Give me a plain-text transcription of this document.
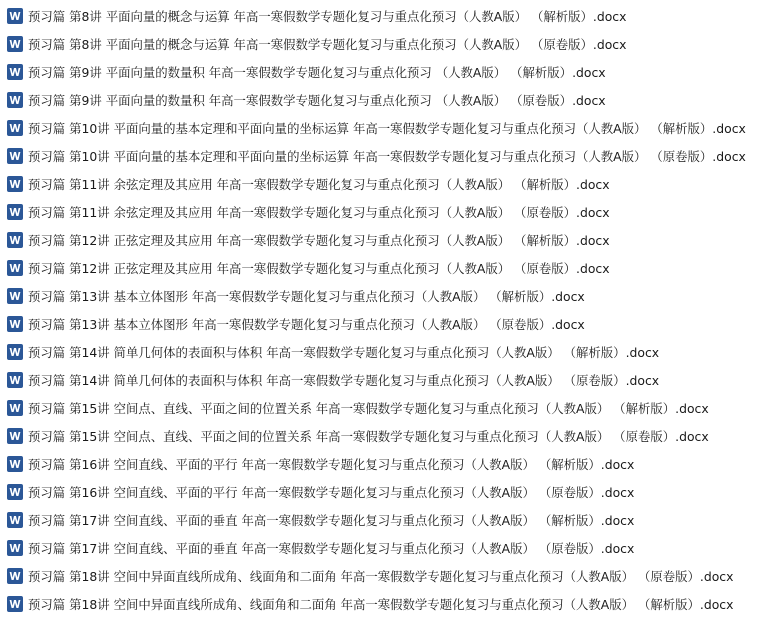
预习篇 第8讲 平面向量的概念与运算 年高一寒假数学专题化复习与重点化预习（人教A版） （解析版）.docx
预习篇 第8讲 平面向量的概念与运算 年高一寒假数学专题化复习与重点化预习（人教A版） （原卷版）.docx
预习篇 第9讲 平面向量的数量积 年高一寒假数学专题化复习与重点化预习 （人教A版） （解析版）.docx
预习篇 第9讲 平面向量的数量积 年高一寒假数学专题化复习与重点化预习 （人教A版） （原卷版）.docx
预习篇 第10讲 平面向量的基本定理和平面向量的坐标运算 年高一寒假数学专题化复习与重点化预习（人教A版） （解析版）.docx
预习篇 第10讲 平面向量的基本定理和平面向量的坐标运算 年高一寒假数学专题化复习与重点化预习（人教A版） （原卷版）.docx
预习篇 第11讲 余弦定理及其应用 年高一寒假数学专题化复习与重点化预习（人教A版） （解析版）.docx
预习篇 第11讲 余弦定理及其应用 年高一寒假数学专题化复习与重点化预习（人教A版） （原卷版）.docx
预习篇 第12讲 正弦定理及其应用 年高一寒假数学专题化复习与重点化预习（人教A版） （解析版）.docx
预习篇 第12讲 正弦定理及其应用 年高一寒假数学专题化复习与重点化预习（人教A版） （原卷版）.docx
预习篇 第13讲 基本立体图形 年高一寒假数学专题化复习与重点化预习（人教A版） （解析版）.docx
预习篇 第13讲 基本立体图形 年高一寒假数学专题化复习与重点化预习（人教A版） （原卷版）.docx
预习篇 第14讲 简单几何体的表面积与体积 年高一寒假数学专题化复习与重点化预习（人教A版） （解析版）.docx
预习篇 第14讲 简单几何体的表面积与体积 年高一寒假数学专题化复习与重点化预习（人教A版） （原卷版）.docx
预习篇 第15讲 空间点、直线、平面之间的位置关系 年高一寒假数学专题化复习与重点化预习（人教A版） （解析版）.docx
预习篇 第15讲 空间点、直线、平面之间的位置关系 年高一寒假数学专题化复习与重点化预习（人教A版） （原卷版）.docx
预习篇 第16讲 空间直线、平面的平行 年高一寒假数学专题化复习与重点化预习（人教A版） （解析版）.docx
预习篇 第16讲 空间直线、平面的平行 年高一寒假数学专题化复习与重点化预习（人教A版） （原卷版）.docx
预习篇 第17讲 空间直线、平面的垂直 年高一寒假数学专题化复习与重点化预习（人教A版） （解析版）.docx
预习篇 第17讲 空间直线、平面的垂直 年高一寒假数学专题化复习与重点化预习（人教A版） （原卷版）.docx
预习篇 第18讲 空间中异面直线所成角、线面角和二面角 年高一寒假数学专题化复习与重点化预习（人教A版） （原卷版）.docx
预习篇 第18讲 空间中异面直线所成角、线面角和二面角 年高一寒假数学专题化复习与重点化预习（人教A版） （解析版）.docx
